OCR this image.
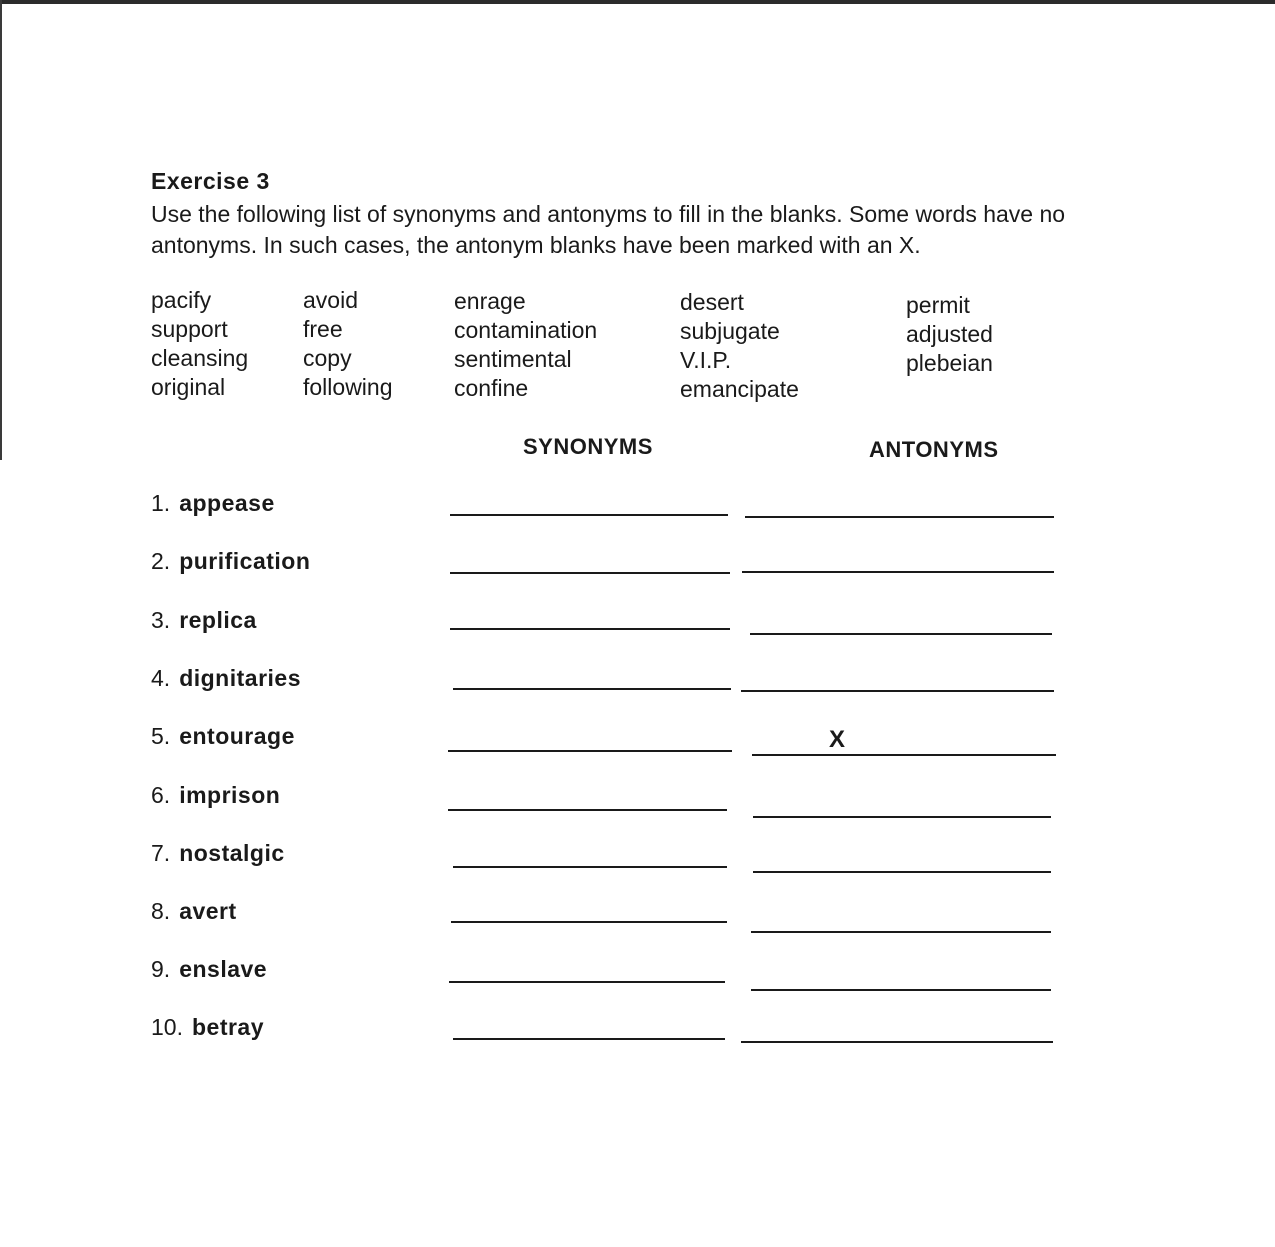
Exercise 3

Use the following list of synonyms and antonyms to fill in the blanks. Some words have no antonyms. In such cases, the antonym blanks have been marked with an X.

pacify
support
cleansing
original
avoid
free
copy
following
enrage
contamination
sentimental
confine
desert
subjugate
V.I.P.
emancipate
permit
adjusted
plebeian
SYNONYMS	ANTONYMS
1. appease
2. purification
3. replica
4. dignitaries
5. entourage	X
6. imprison
7. nostalgic
8. avert
9. enslave
10. betray
